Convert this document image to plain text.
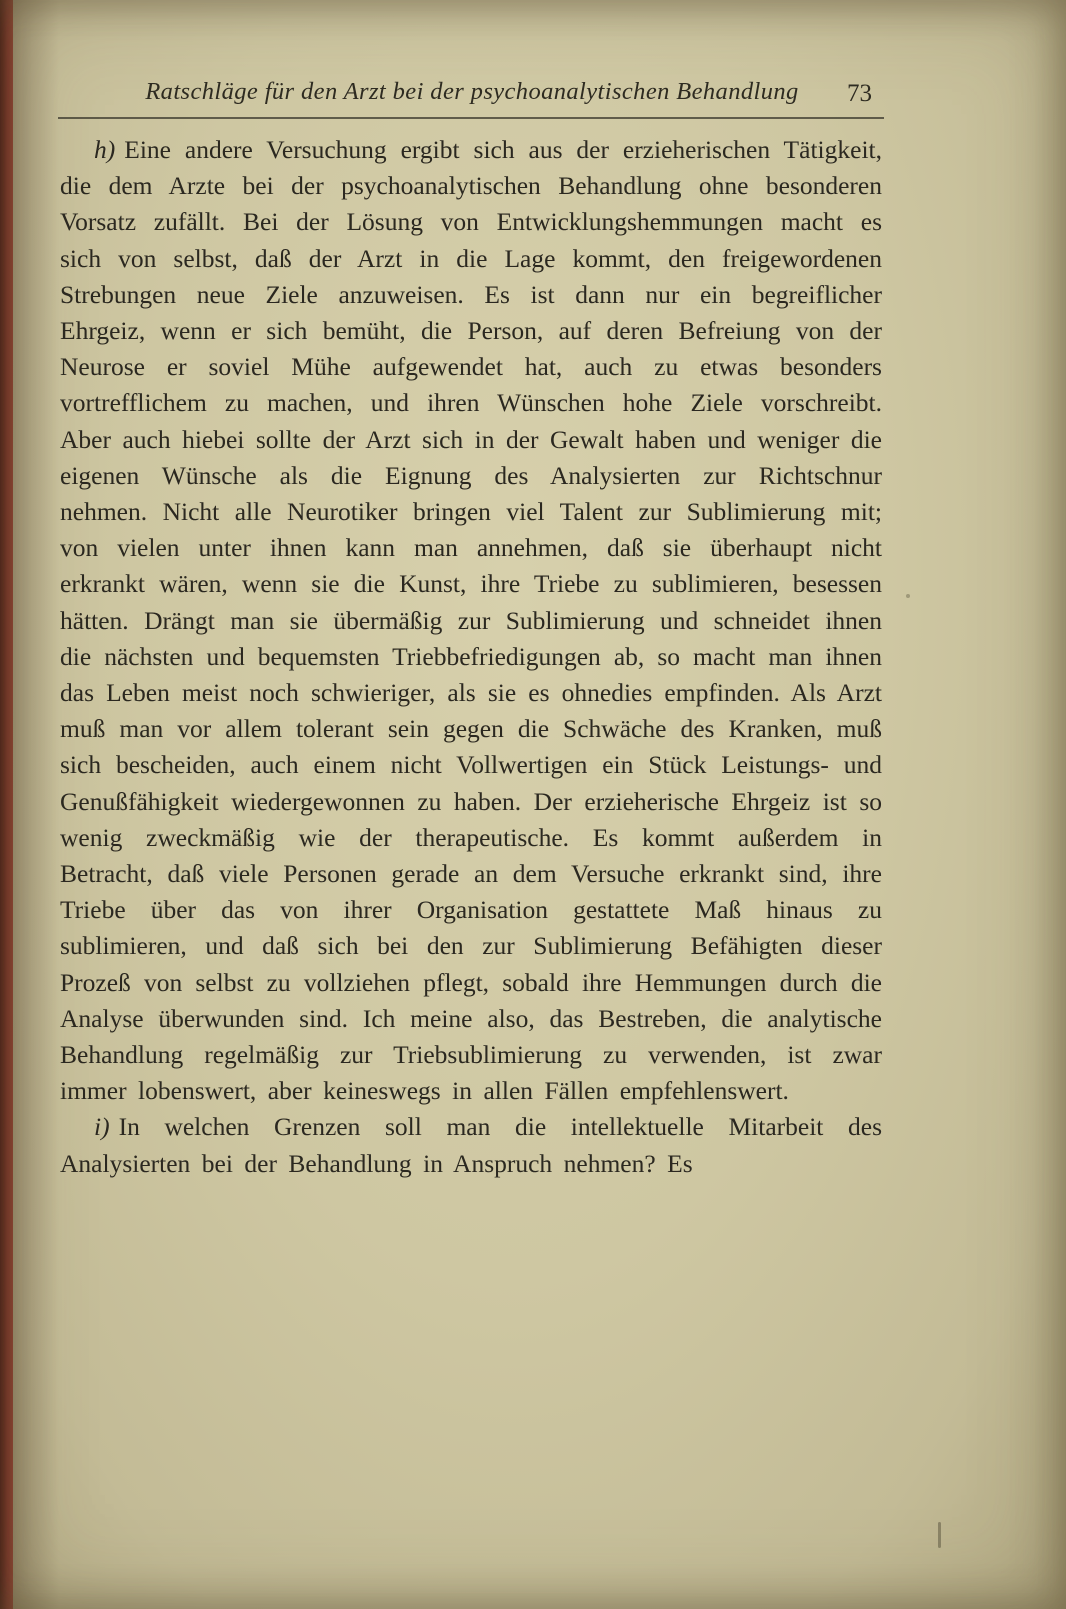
Ratschläge für den Arzt bei der psychoanalytischen Behandlung	73

h) Eine andere Versuchung ergibt sich aus der erzieherischen Tätigkeit, die dem Arzte bei der psychoanalytischen Behandlung ohne besonderen Vorsatz zufällt. Bei der Lösung von Entwicklungshemmungen macht es sich von selbst, daß der Arzt in die Lage kommt, den freigewordenen Strebungen neue Ziele anzuweisen. Es ist dann nur ein begreiflicher Ehrgeiz, wenn er sich bemüht, die Person, auf deren Befreiung von der Neurose er soviel Mühe aufgewendet hat, auch zu etwas besonders vortrefflichem zu machen, und ihren Wünschen hohe Ziele vorschreibt. Aber auch hiebei sollte der Arzt sich in der Gewalt haben und weniger die eigenen Wünsche als die Eignung des Analysierten zur Richtschnur nehmen. Nicht alle Neurotiker bringen viel Talent zur Sublimierung mit; von vielen unter ihnen kann man annehmen, daß sie überhaupt nicht erkrankt wären, wenn sie die Kunst, ihre Triebe zu sublimieren, besessen hätten. Drängt man sie übermäßig zur Sublimierung und schneidet ihnen die nächsten und bequemsten Triebbefriedigungen ab, so macht man ihnen das Leben meist noch schwieriger, als sie es ohnedies empfinden. Als Arzt muß man vor allem tolerant sein gegen die Schwäche des Kranken, muß sich bescheiden, auch einem nicht Vollwertigen ein Stück Leistungs- und Genußfähigkeit wiedergewonnen zu haben. Der erzieherische Ehrgeiz ist so wenig zweckmäßig wie der therapeutische. Es kommt außerdem in Betracht, daß viele Personen gerade an dem Versuche erkrankt sind, ihre Triebe über das von ihrer Organisation gestattete Maß hinaus zu sublimieren, und daß sich bei den zur Sublimierung Befähigten dieser Prozeß von selbst zu vollziehen pflegt, sobald ihre Hemmungen durch die Analyse überwunden sind. Ich meine also, das Bestreben, die analytische Behandlung regelmäßig zur Triebsublimierung zu verwenden, ist zwar immer lobenswert, aber keineswegs in allen Fällen empfehlenswert.

i) In welchen Grenzen soll man die intellektuelle Mitarbeit des Analysierten bei der Behandlung in Anspruch nehmen? Es
